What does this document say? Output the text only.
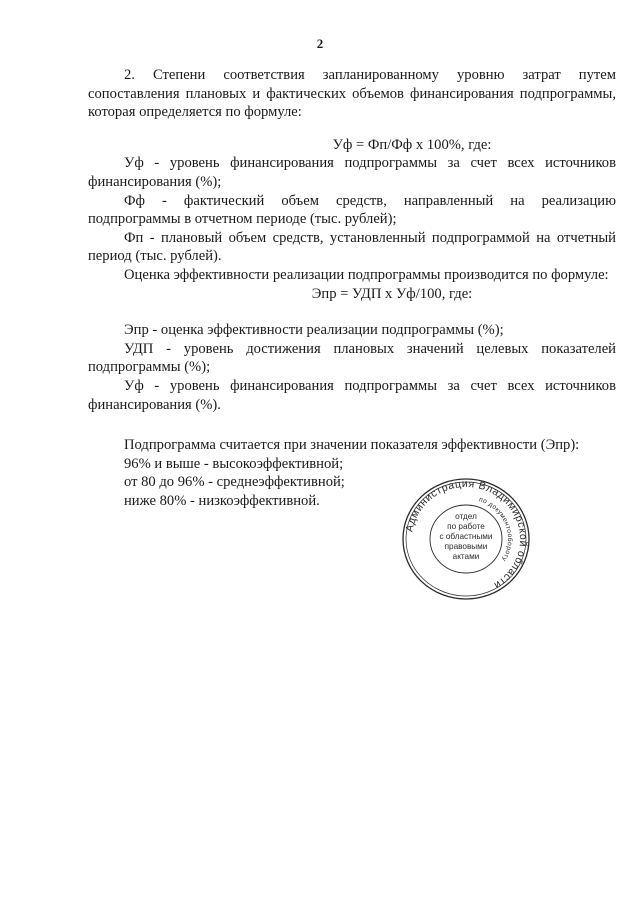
2

2. Степени соответствия запланированному уровню затрат путем сопоставления плановых и фактических объемов финансирования подпрограммы, которая определяется по формуле:

Уф = Фп/Фф х 100%, где:

Уф - уровень финансирования подпрограммы за счет всех источников финансирования (%);

Фф - фактический объем средств, направленный на реализацию подпрограммы в отчетном периоде (тыс. рублей);

Фп - плановый объем средств, установленный подпрограммой на отчетный период (тыс. рублей).

Оценка эффективности реализации подпрограммы производится по формуле:

Эпр = УДП х Уф/100, где:

Эпр - оценка эффективности реализации подпрограммы (%);

УДП - уровень достижения плановых значений целевых показателей подпрограммы (%);

Уф - уровень финансирования подпрограммы за счет всех источников финансирования (%).

Подпрограмма считается при значении показателя эффективности (Эпр):

96% и выше - высокоэффективной;

от 80 до 96% - среднеэффективной;

ниже 80% - низкоэффективной.

Администрация Владимирской области
по документообороту
отдел
по работе
с областными
правовыми
актами
